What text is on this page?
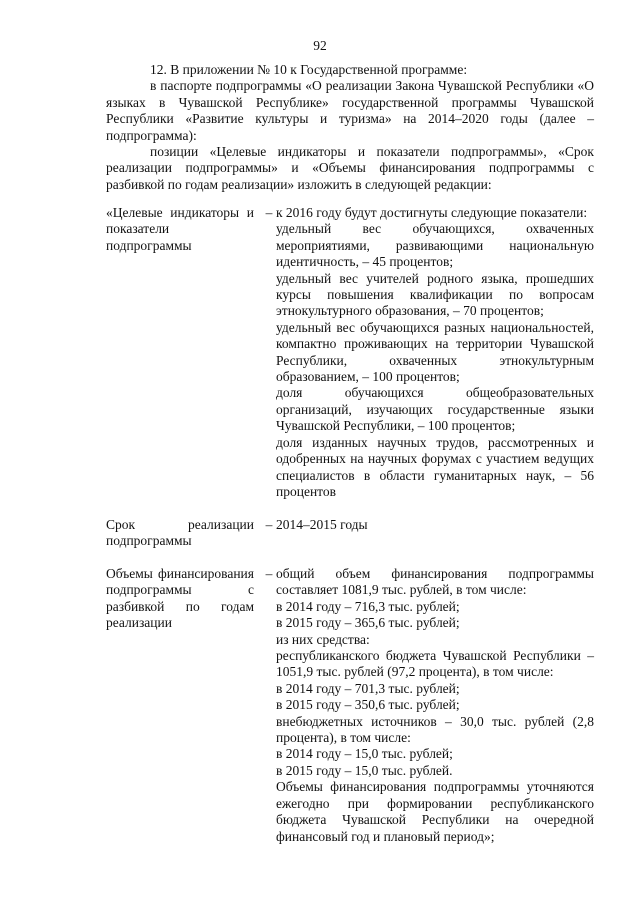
92

12. В приложении № 10 к Государственной программе:

в паспорте подпрограммы «О реализации Закона Чувашской Республики «О языках в Чувашской Республике» государственной программы Чувашской Республики «Развитие культуры и туризма» на 2014–2020 годы (далее – подпрограмма):

позиции «Целевые индикаторы и показатели подпрограммы», «Срок реализации подпрограммы» и «Объемы финансирования подпрограммы с разбивкой по годам реализации» изложить в следующей редакции:

«Целевые индикаторы и показатели подпрограммы
– к 2016 году будут достигнуты следующие показатели:
удельный вес обучающихся, охваченных мероприятиями, развивающими национальную идентичность, – 45 процентов;
удельный вес учителей родного языка, прошедших курсы повышения квалификации по вопросам этнокультурного образования, – 70 процентов;
удельный вес обучающихся разных национальностей, компактно проживающих на территории Чувашской Республики, охваченных этнокультурным образованием, – 100 процентов;
доля обучающихся общеобразовательных организаций, изучающих государственные языки Чувашской Республики, – 100 процентов;
доля изданных научных трудов, рассмотренных и одобренных на научных форумах с участием ведущих специалистов в области гуманитарных наук, – 56 процентов
Срок реализации подпрограммы
– 2014–2015 годы
Объемы финансирования подпрограммы с разбивкой по годам реализации
– общий объем финансирования подпрограммы составляет 1081,9 тыс. рублей, в том числе:
в 2014 году – 716,3 тыс. рублей;
в 2015 году – 365,6 тыс. рублей;
из них средства:
республиканского бюджета Чувашской Республики – 1051,9 тыс. рублей (97,2 процента), в том числе:
в 2014 году – 701,3 тыс. рублей;
в 2015 году – 350,6 тыс. рублей;
внебюджетных источников – 30,0 тыс. рублей (2,8 процента), в том числе:
в 2014 году – 15,0 тыс. рублей;
в 2015 году – 15,0 тыс. рублей.
Объемы финансирования подпрограммы уточняются ежегодно при формировании республиканского бюджета Чувашской Республики на очередной финансовый год и плановый период»;
